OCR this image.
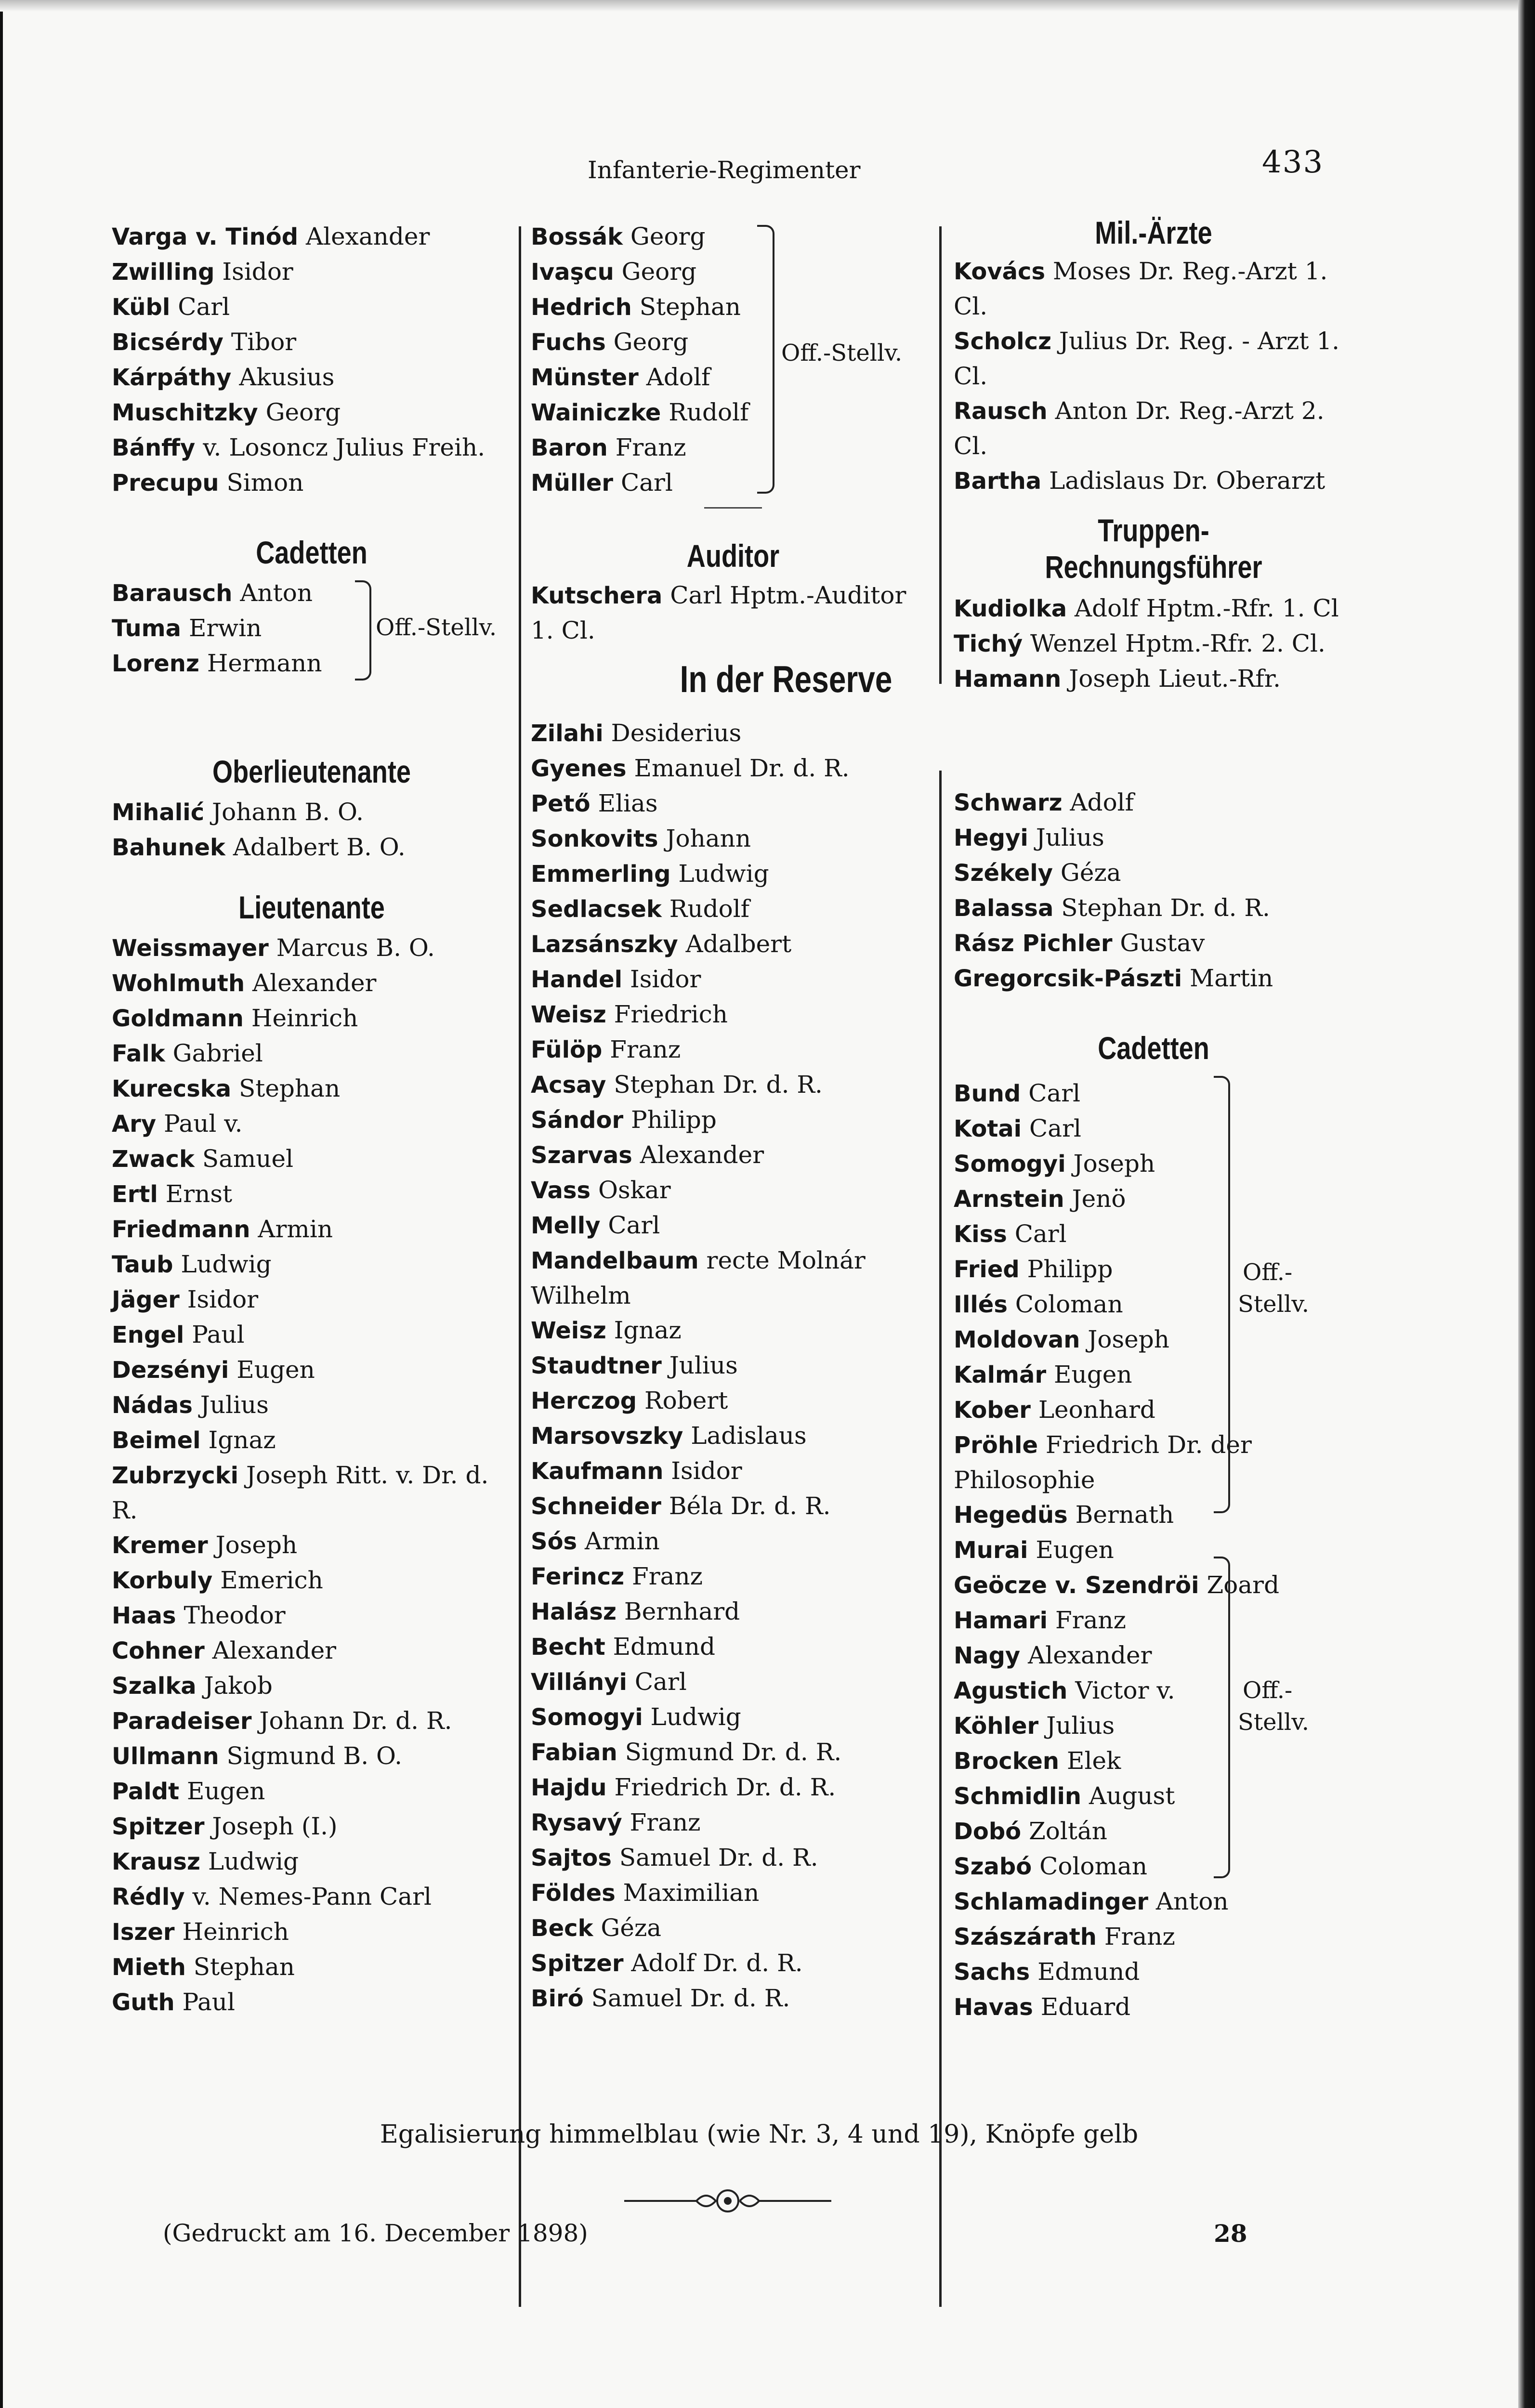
Infanterie-Regimenter	433
Varga v. Tinód Alexander
Zwilling Isidor
Kübl Carl
Bicsérdy Tibor
Kárpáthy Akusius
Muschitzky Georg
Bánffy v. Losoncz Julius Freih.
Precupu Simon
Cadetten
Barausch Anton
Tuma Erwin
Lorenz Hermann
Off.-Stellv.
Oberlieutenante
Mihalić Johann B. O.
Bahunek Adalbert B. O.
Lieutenante
Weissmayer Marcus B. O.
Wohlmuth Alexander
Goldmann Heinrich
Falk Gabriel
Kurecska Stephan
Ary Paul v.
Zwack Samuel
Ertl Ernst
Friedmann Armin
Taub Ludwig
Jäger Isidor
Engel Paul
Dezsényi Eugen
Nádas Julius
Beimel Ignaz
Zubrzycki Joseph Ritt. v. Dr. d. R.
Kremer Joseph
Korbuly Emerich
Haas Theodor
Cohner Alexander
Szalka Jakob
Paradeiser Johann Dr. d. R.
Ullmann Sigmund B. O.
Paldt Eugen
Spitzer Joseph (I.)
Krausz Ludwig
Rédly v. Nemes-Pann Carl
Iszer Heinrich
Mieth Stephan
Guth Paul
Bossák Georg
Ivaşcu Georg
Hedrich Stephan
Fuchs Georg
Münster Adolf
Wainiczke Rudolf
Baron Franz
Müller Carl
Off.-Stellv.
Auditor
Kutschera Carl Hptm.-Auditor 1. Cl.
In der Reserve
Zilahi Desiderius
Gyenes Emanuel Dr. d. R.
Pető Elias
Sonkovits Johann
Emmerling Ludwig
Sedlacsek Rudolf
Lazsánszky Adalbert
Handel Isidor
Weisz Friedrich
Fülöp Franz
Acsay Stephan Dr. d. R.
Sándor Philipp
Szarvas Alexander
Vass Oskar
Melly Carl
Mandelbaum recte Molnár Wilhelm
Weisz Ignaz
Staudtner Julius
Herczog Robert
Marsovszky Ladislaus
Kaufmann Isidor
Schneider Béla Dr. d. R.
Sós Armin
Ferincz Franz
Halász Bernhard
Becht Edmund
Villányi Carl
Somogyi Ludwig
Fabian Sigmund Dr. d. R.
Hajdu Friedrich Dr. d. R.
Rysavý Franz
Sajtos Samuel Dr. d. R.
Földes Maximilian
Beck Géza
Spitzer Adolf Dr. d. R.
Biró Samuel Dr. d. R.
Mil.-Ärzte
Kovács Moses Dr. Reg.-Arzt 1. Cl.
Scholcz Julius Dr. Reg. - Arzt 1. Cl.
Rausch Anton Dr. Reg.-Arzt 2. Cl.
Bartha Ladislaus Dr. Oberarzt
Truppen-Rechnungsführer
Kudiolka Adolf Hptm.-Rfr. 1. Cl
Tichý Wenzel Hptm.-Rfr. 2. Cl.
Hamann Joseph Lieut.-Rfr.
Schwarz Adolf
Hegyi Julius
Székely Géza
Balassa Stephan Dr. d. R.
Rász Pichler Gustav
Gregorcsik-Pászti Martin
Cadetten
Bund Carl
Kotai Carl
Somogyi Joseph
Arnstein Jenö
Kiss Carl
Fried Philipp
Illés Coloman
Moldovan Joseph
Kalmár Eugen
Kober Leonhard
Pröhle Friedrich Dr. der Philosophie
Hegedüs Bernath
Off.-
Stellv.
Murai Eugen
Geöcze v. Szendröi Zoard
Hamari Franz
Nagy Alexander
Agustich Victor v.
Köhler Julius
Brocken Elek
Schmidlin August
Dobó Zoltán
Szabó Coloman
Schlamadinger Anton
Szászárath Franz
Sachs Edmund
Havas Eduard
Off.-
Stellv.
Egalisierung himmelblau (wie Nr. 3, 4 und 19), Knöpfe gelb
(Gedruckt am 16. December 1898)	28
